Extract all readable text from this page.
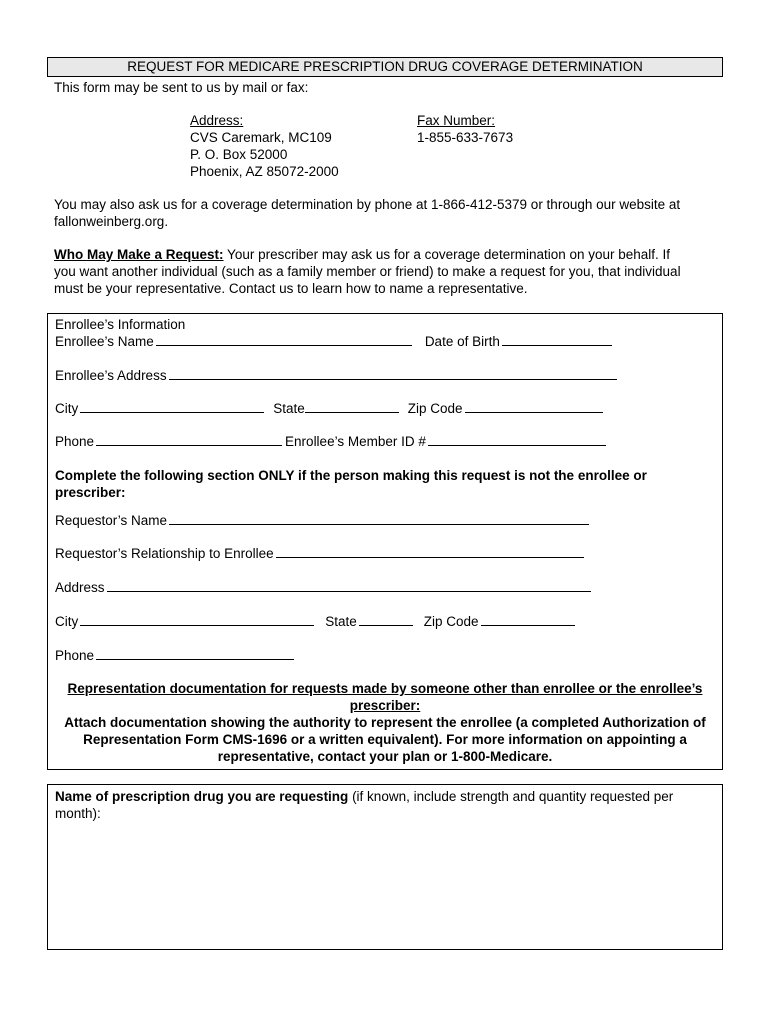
REQUEST FOR MEDICARE PRESCRIPTION DRUG COVERAGE DETERMINATION
This form may be sent to us by mail or fax:
Address:
CVS Caremark, MC109
P. O. Box 52000
Phoenix, AZ 85072-2000
Fax Number:
1-855-633-7673
You may also ask us for a coverage determination by phone at 1-866-412-5379 or through our website at
fallonweinberg.org.
Who May Make a Request: Your prescriber may ask us for a coverage determination on your behalf. If
you want another individual (such as a family member or friend) to make a request for you, that individual
must be your representative. Contact us to learn how to name a representative.
Enrollee’s Information
Enrollee’s Name	Date of Birth
Enrollee’s Address
City	State	Zip Code
Phone	Enrollee’s Member ID #
Complete the following section ONLY if the person making this request is not the enrollee or
prescriber:
Requestor’s Name
Requestor’s Relationship to Enrollee
Address
City	State	Zip Code
Phone
Representation documentation for requests made by someone other than enrollee or the enrollee’s
prescriber:
Attach documentation showing the authority to represent the enrollee (a completed Authorization of
Representation Form CMS-1696 or a written equivalent). For more information on appointing a
representative, contact your plan or 1-800-Medicare.
Name of prescription drug you are requesting (if known, include strength and quantity requested per
month):
